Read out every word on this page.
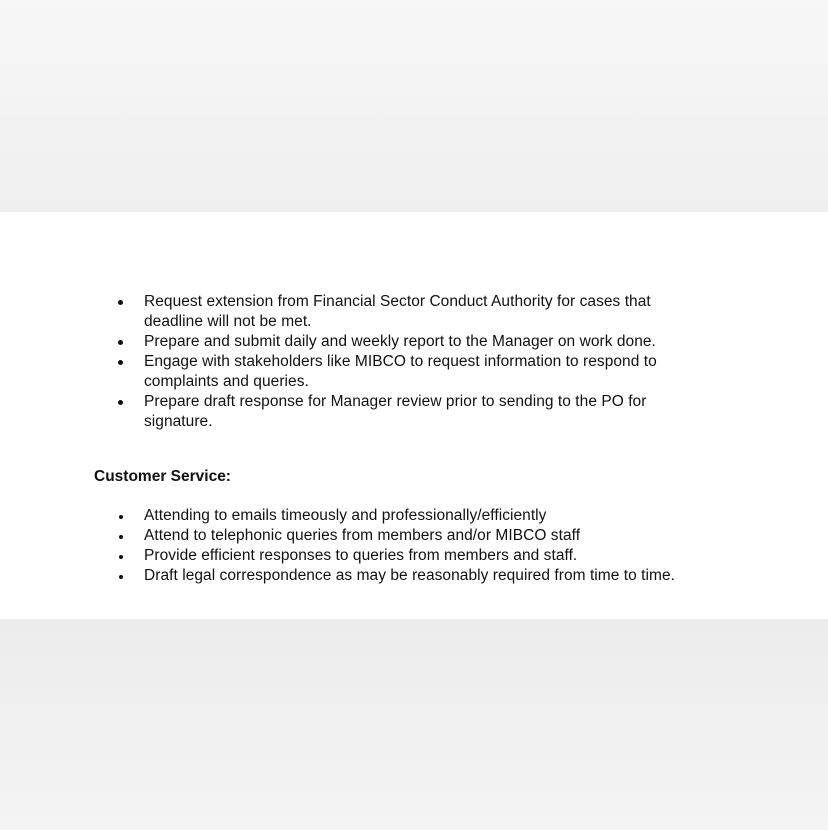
Request extension from Financial Sector Conduct Authority for cases that deadline will not be met.
Prepare and submit daily and weekly report to the Manager on work done.
Engage with stakeholders like MIBCO to request information to respond to complaints and queries.
Prepare draft response for Manager review prior to sending to the PO for signature.
Customer Service:
Attending to emails timeously and professionally/efficiently
Attend to telephonic queries from members and/or MIBCO staff
Provide efficient responses to queries from members and staff.
Draft legal correspondence as may be reasonably required from time to time.
